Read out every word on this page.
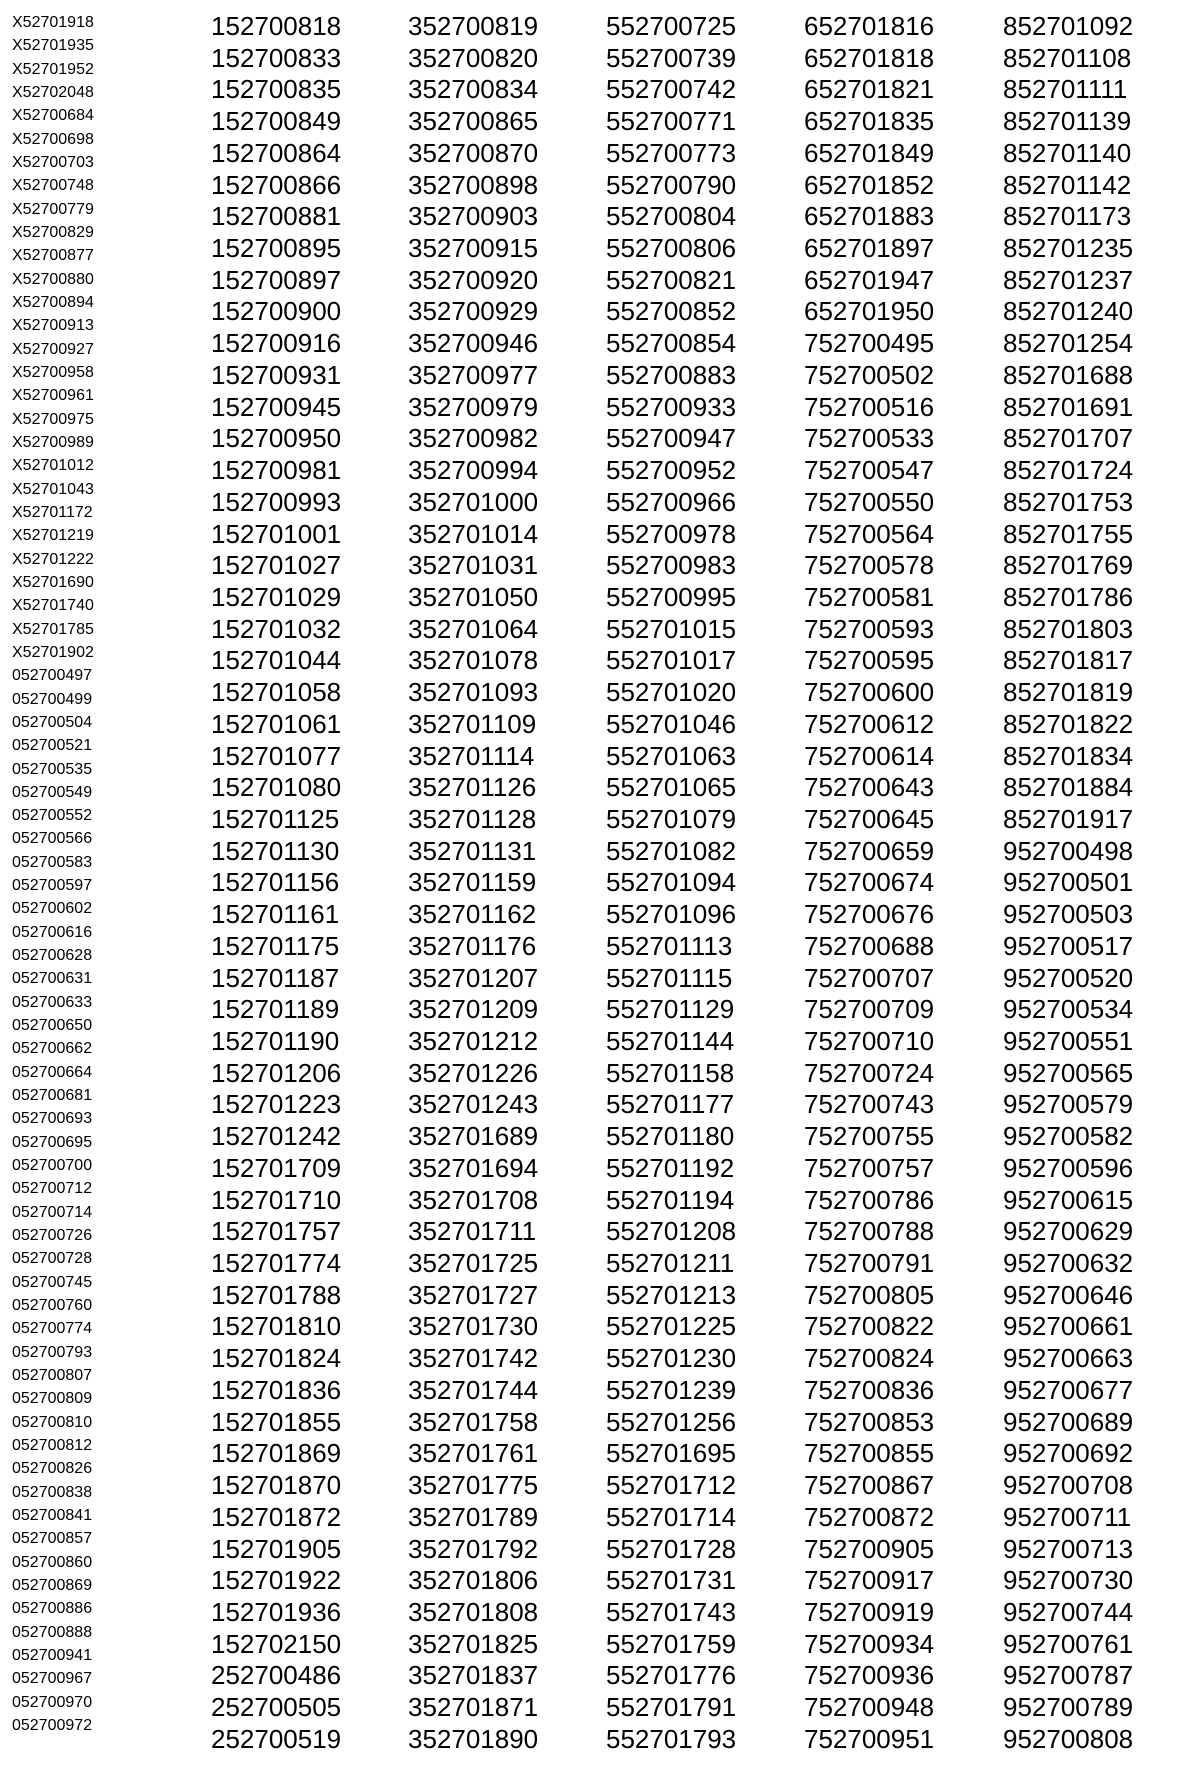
X52701918
X52701935
X52701952
X52702048
X52700684
X52700698
X52700703
X52700748
X52700779
X52700829
X52700877
X52700880
X52700894
X52700913
X52700927
X52700958
X52700961
X52700975
X52700989
X52701012
X52701043
X52701172
X52701219
X52701222
X52701690
X52701740
X52701785
X52701902
052700497
052700499
052700504
052700521
052700535
052700549
052700552
052700566
052700583
052700597
052700602
052700616
052700628
052700631
052700633
052700650
052700662
052700664
052700681
052700693
052700695
052700700
052700712
052700714
052700726
052700728
052700745
052700760
052700774
052700793
052700807
052700809
052700810
052700812
052700826
052700838
052700841
052700857
052700860
052700869
052700886
052700888
052700941
052700967
052700970
052700972
152700818
152700833
152700835
152700849
152700864
152700866
152700881
152700895
152700897
152700900
152700916
152700931
152700945
152700950
152700981
152700993
152701001
152701027
152701029
152701032
152701044
152701058
152701061
152701077
152701080
152701125
152701130
152701156
152701161
152701175
152701187
152701189
152701190
152701206
152701223
152701242
152701709
152701710
152701757
152701774
152701788
152701810
152701824
152701836
152701855
152701869
152701870
152701872
152701905
152701922
152701936
152702150
252700486
252700505
252700519
352700819
352700820
352700834
352700865
352700870
352700898
352700903
352700915
352700920
352700929
352700946
352700977
352700979
352700982
352700994
352701000
352701014
352701031
352701050
352701064
352701078
352701093
352701109
352701114
352701126
352701128
352701131
352701159
352701162
352701176
352701207
352701209
352701212
352701226
352701243
352701689
352701694
352701708
352701711
352701725
352701727
352701730
352701742
352701744
352701758
352701761
352701775
352701789
352701792
352701806
352701808
352701825
352701837
352701871
352701890
552700725
552700739
552700742
552700771
552700773
552700790
552700804
552700806
552700821
552700852
552700854
552700883
552700933
552700947
552700952
552700966
552700978
552700983
552700995
552701015
552701017
552701020
552701046
552701063
552701065
552701079
552701082
552701094
552701096
552701113
552701115
552701129
552701144
552701158
552701177
552701180
552701192
552701194
552701208
552701211
552701213
552701225
552701230
552701239
552701256
552701695
552701712
552701714
552701728
552701731
552701743
552701759
552701776
552701791
552701793
652701816
652701818
652701821
652701835
652701849
652701852
652701883
652701897
652701947
652701950
752700495
752700502
752700516
752700533
752700547
752700550
752700564
752700578
752700581
752700593
752700595
752700600
752700612
752700614
752700643
752700645
752700659
752700674
752700676
752700688
752700707
752700709
752700710
752700724
752700743
752700755
752700757
752700786
752700788
752700791
752700805
752700822
752700824
752700836
752700853
752700855
752700867
752700872
752700905
752700917
752700919
752700934
752700936
752700948
752700951
852701092
852701108
852701111
852701139
852701140
852701142
852701173
852701235
852701237
852701240
852701254
852701688
852701691
852701707
852701724
852701753
852701755
852701769
852701786
852701803
852701817
852701819
852701822
852701834
852701884
852701917
952700498
952700501
952700503
952700517
952700520
952700534
952700551
952700565
952700579
952700582
952700596
952700615
952700629
952700632
952700646
952700661
952700663
952700677
952700689
952700692
952700708
952700711
952700713
952700730
952700744
952700761
952700787
952700789
952700808
